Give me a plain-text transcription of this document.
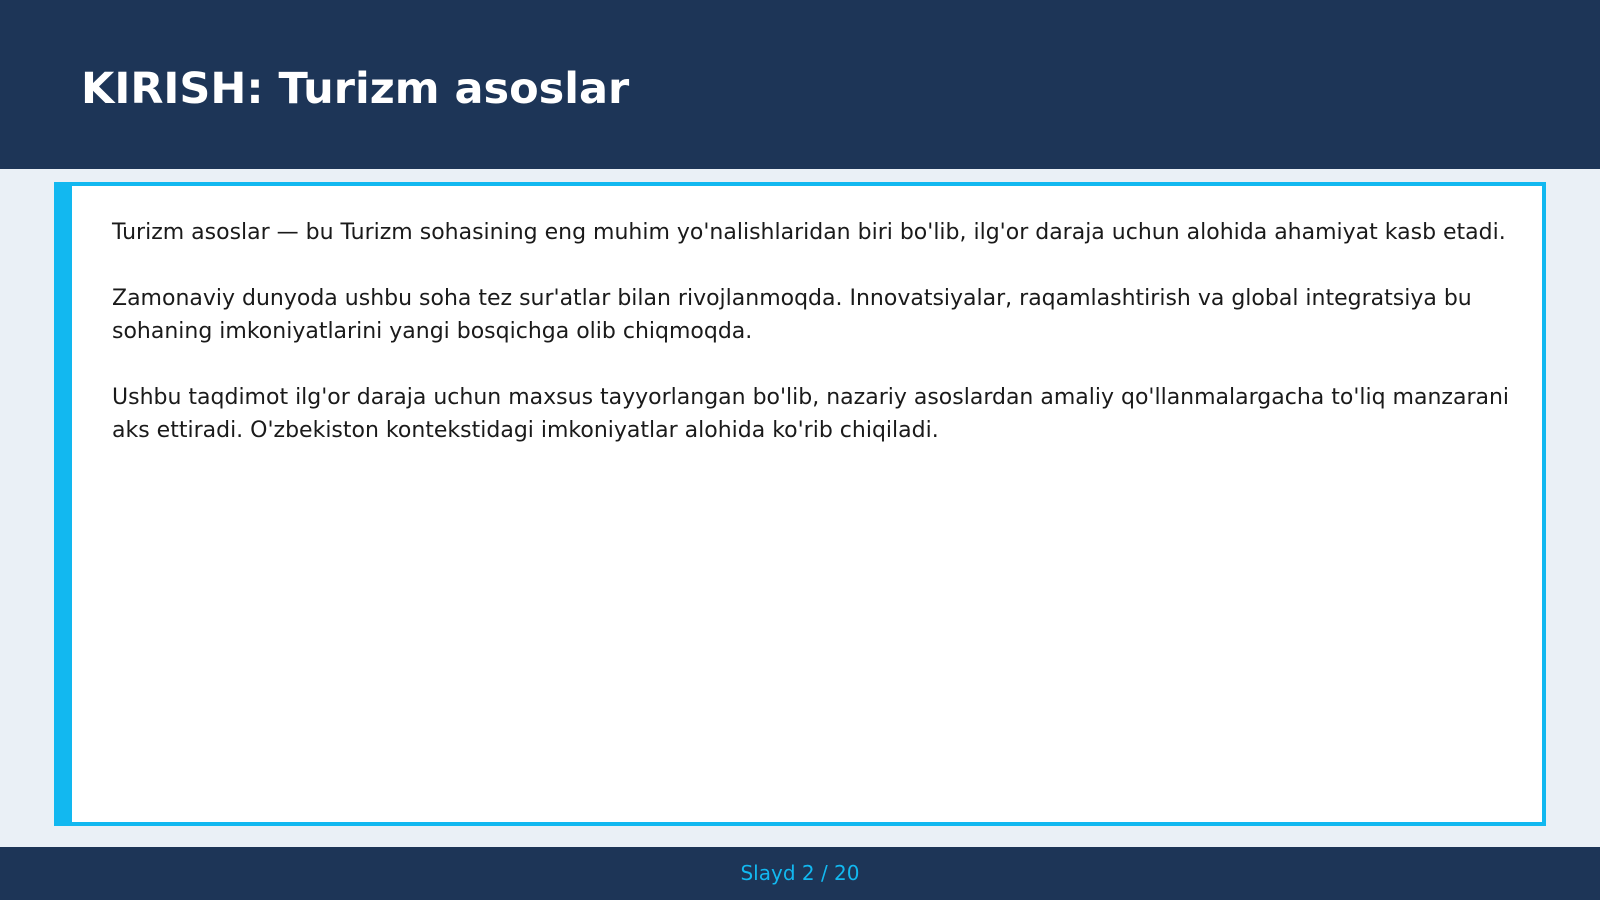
KIRISH: Turizm asoslar

Turizm asoslar — bu Turizm sohasining eng muhim yo'nalishlaridan biri bo'lib, ilg'or daraja uchun alohida ahamiyat kasb etadi.

Zamonaviy dunyoda ushbu soha tez sur'atlar bilan rivojlanmoqda. Innovatsiyalar, raqamlashtirish va global integratsiya bu sohaning imkoniyatlarini yangi bosqichga olib chiqmoqda.

Ushbu taqdimot ilg'or daraja uchun maxsus tayyorlangan bo'lib, nazariy asoslardan amaliy qo'llanmalargacha to'liq manzarani aks ettiradi. O'zbekiston kontekstidagi imkoniyatlar alohida ko'rib chiqiladi.

Slayd 2 / 20
